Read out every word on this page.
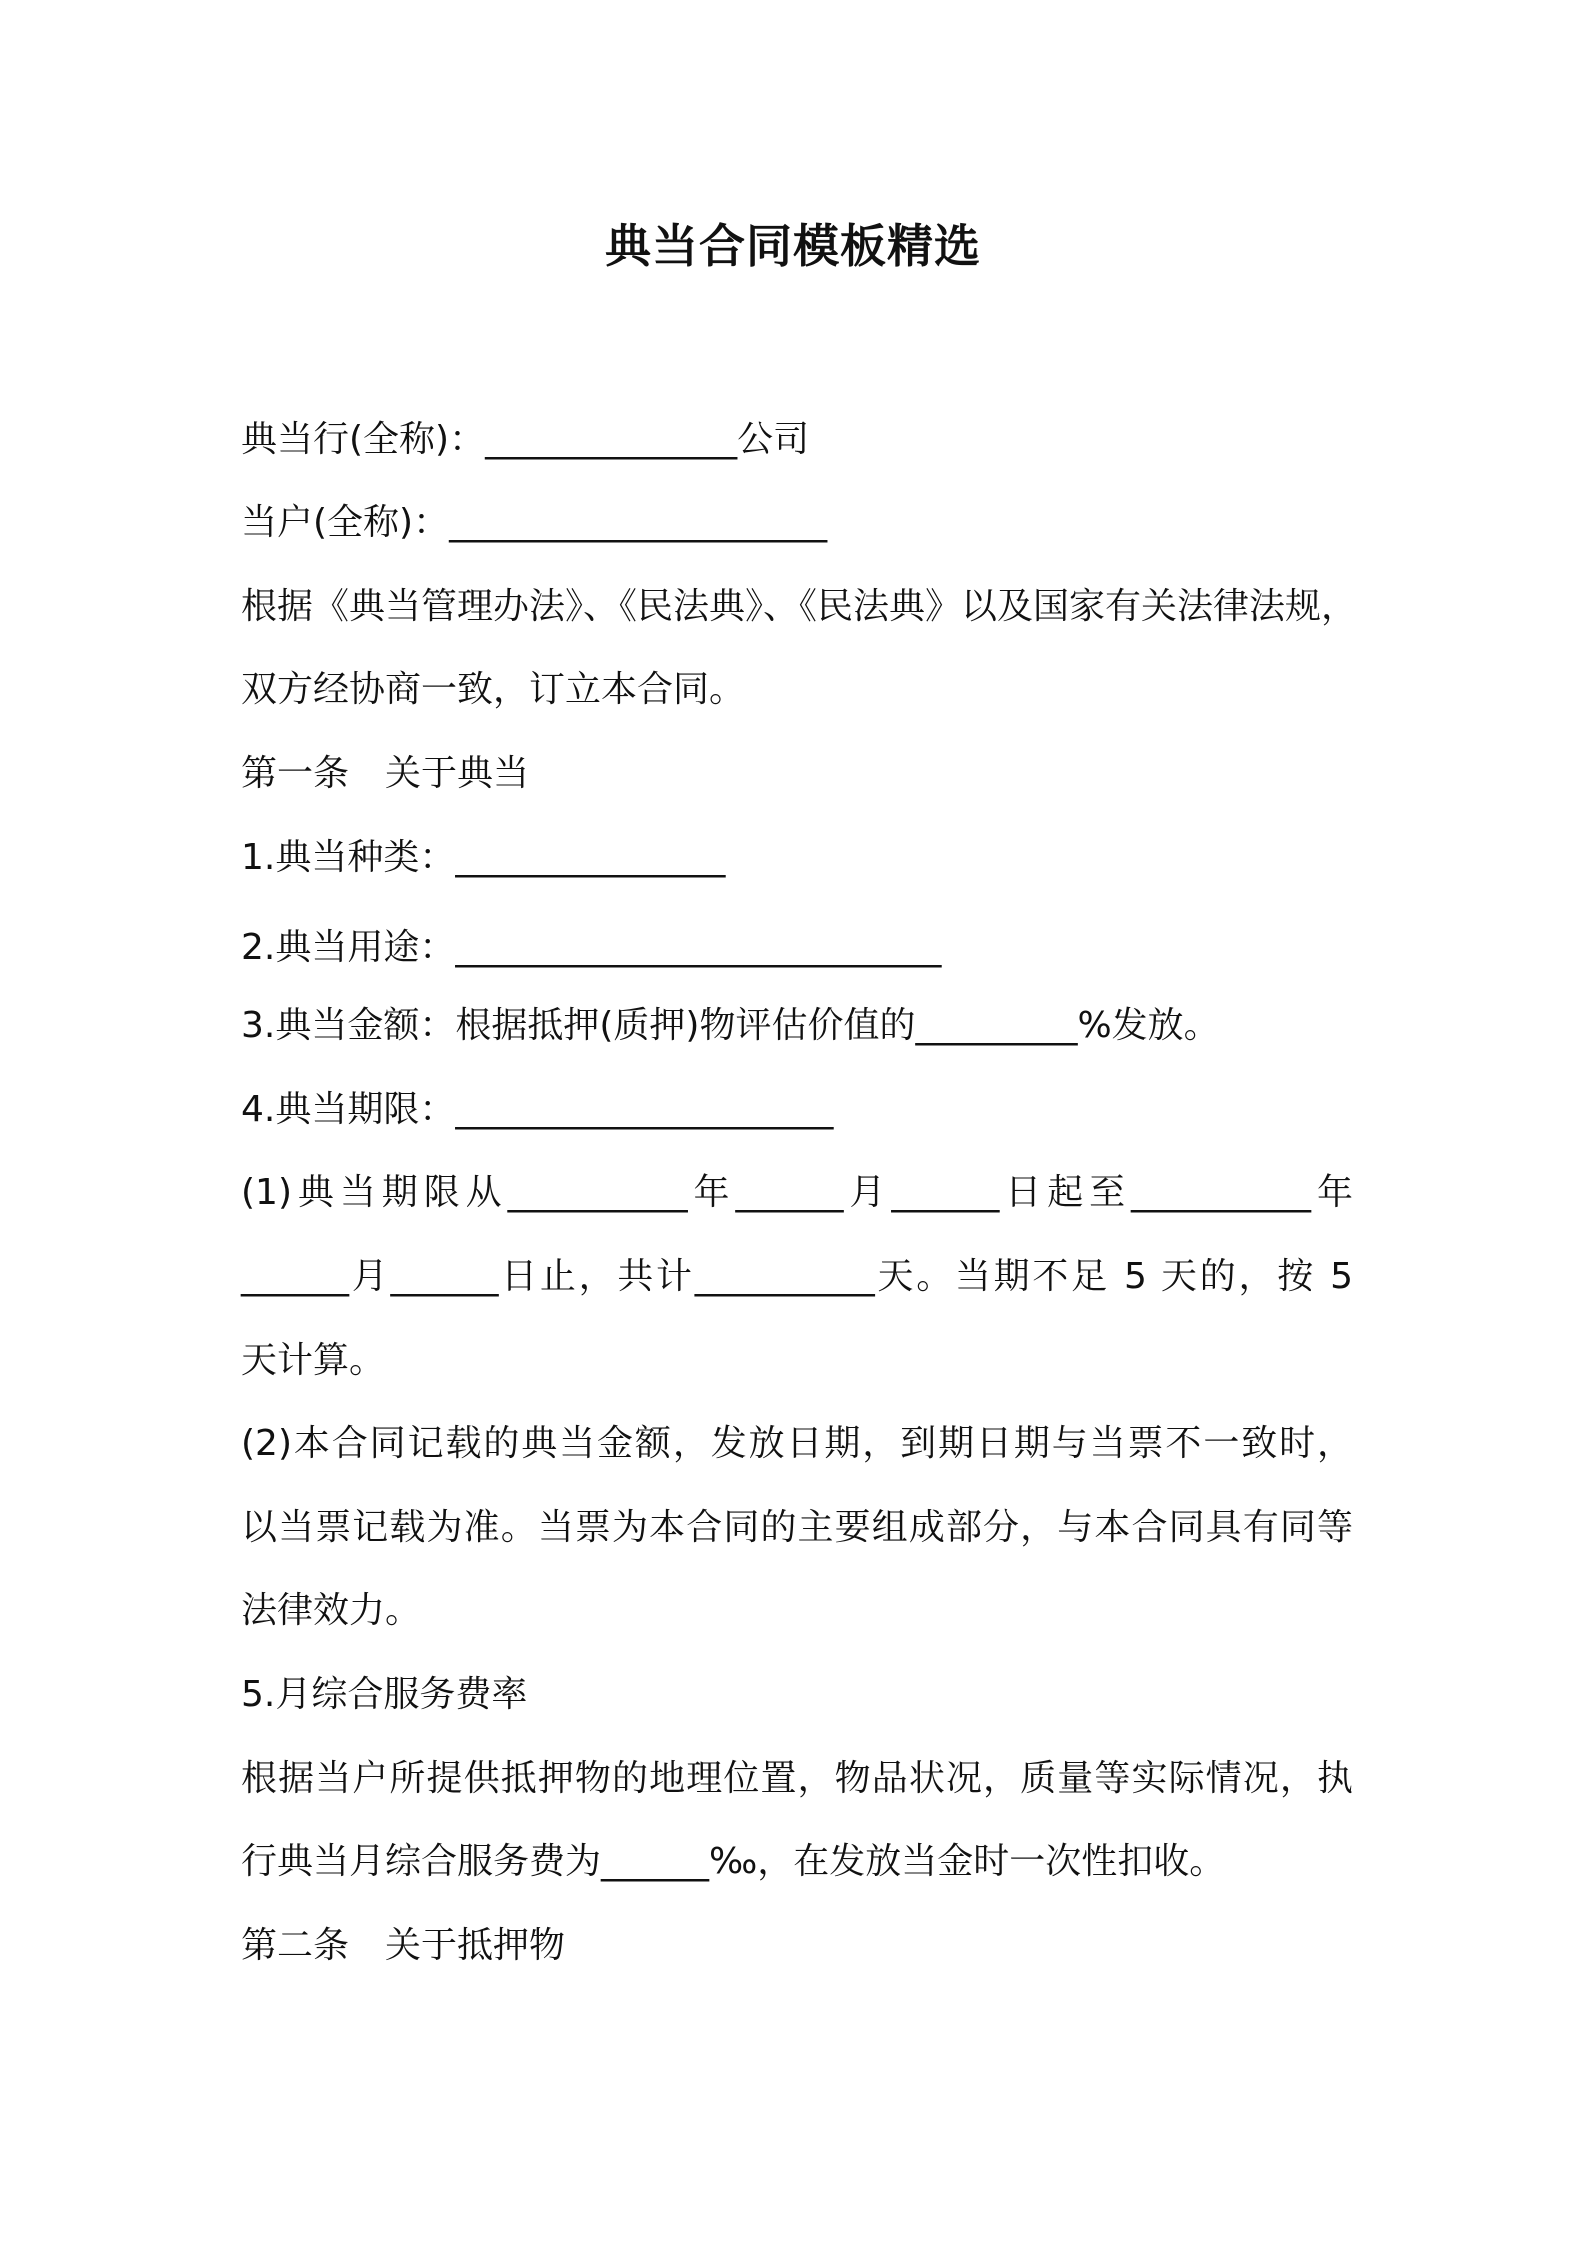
典当合同模板精选
典当行(全称)：______________公司
当户(全称)：_____________________
根据《典当管理办法》、《民法典》、《民法典》以及国家有关法律法规，
双方经协商一致，订立本合同。
第一条　关于典当
1.典当种类：_______________
2.典当用途：___________________________
3.典当金额：根据抵押(质押)物评估价值的_________%发放。
4.典当期限：_____________________
(1)典当期限从__________年______月______日起至__________年
______月______日止，共计__________天。当期不足 5 天的，按 5
天计算。
(2)本合同记载的典当金额，发放日期，到期日期与当票不一致时，
以当票记载为准。当票为本合同的主要组成部分，与本合同具有同等
法律效力。
5.月综合服务费率
根据当户所提供抵押物的地理位置，物品状况，质量等实际情况，执
行典当月综合服务费为______‰，在发放当金时一次性扣收。
第二条　关于抵押物
